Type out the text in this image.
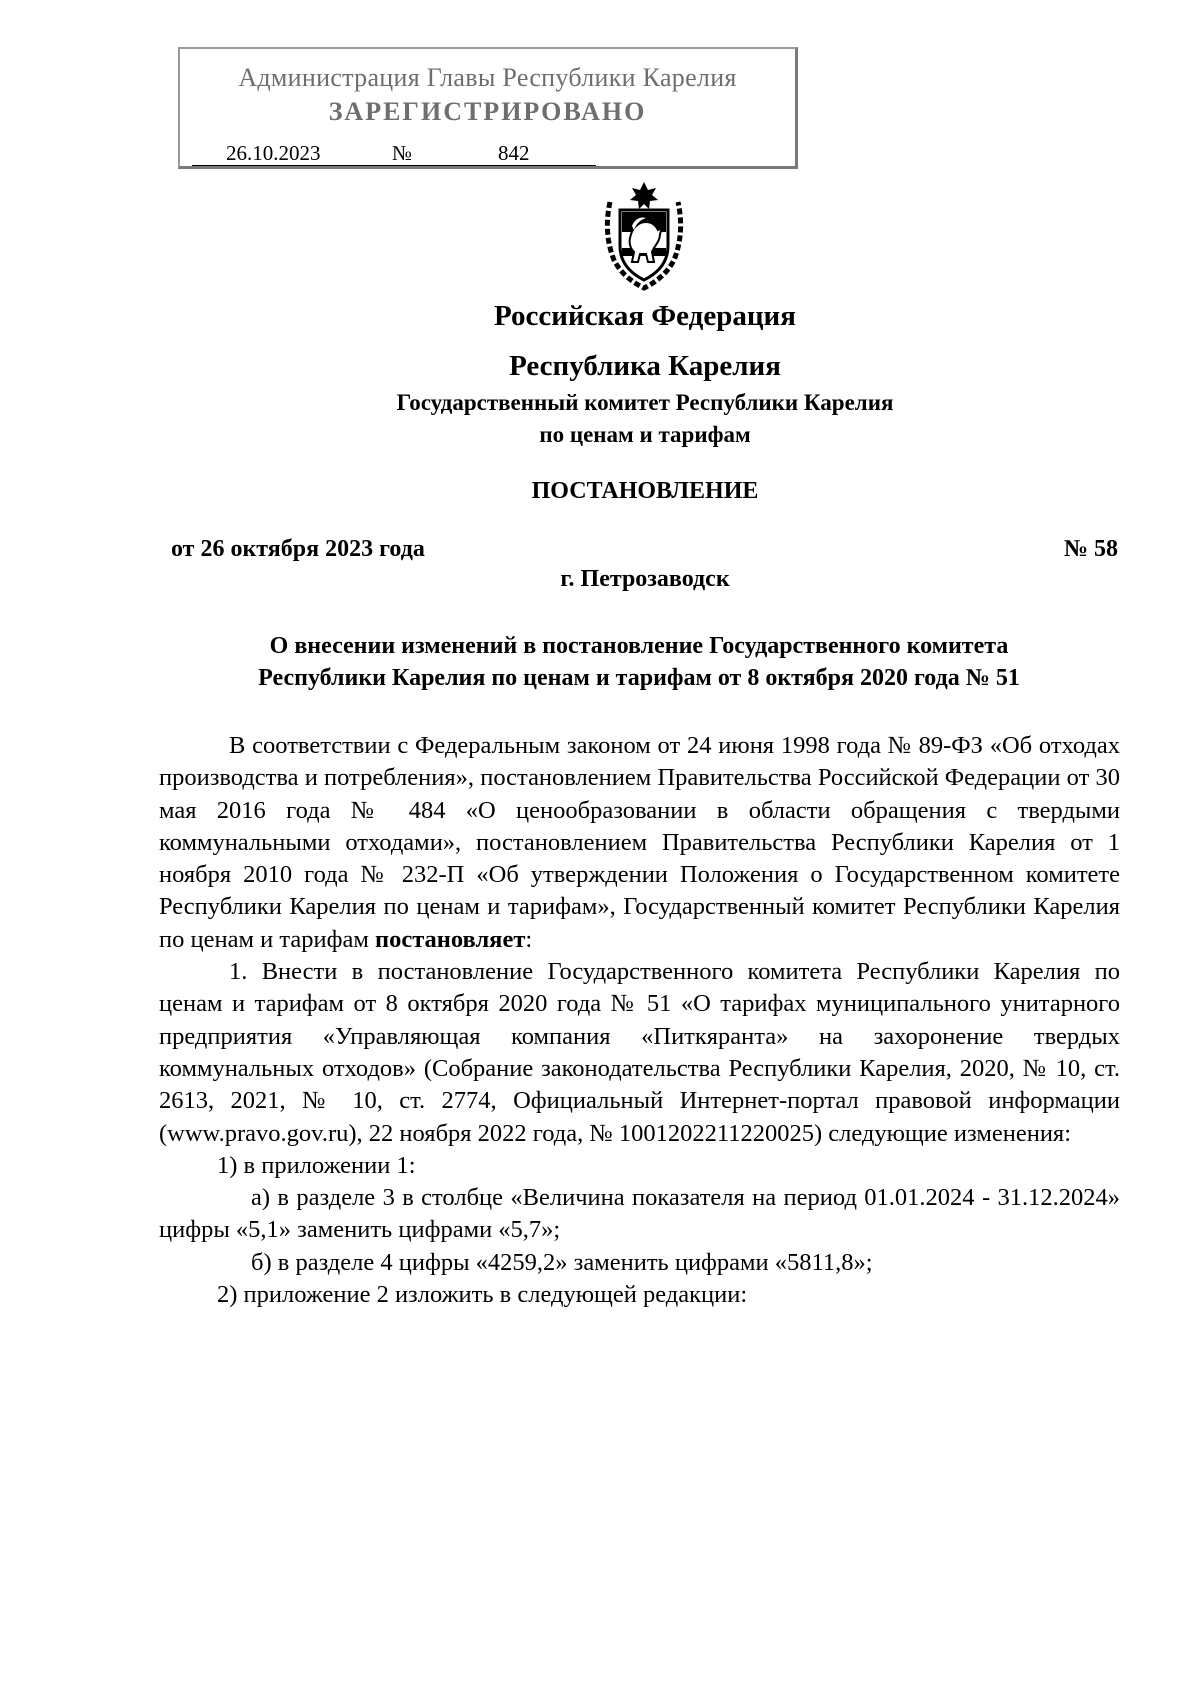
Администрация Главы Республики Карелия
ЗАРЕГИСТРИРОВАНО
26.10.2023	№	842
Российская Федерация
Республика Карелия
Государственный комитет Республики Карелия
по ценам и тарифам
ПОСТАНОВЛЕНИЕ
от 26 октября 2023 года	№ 58
г. Петрозаводск
О внесении изменений в постановление Государственного комитета
Республики Карелия по ценам и тарифам от 8 октября 2020 года № 51

В соответствии с Федеральным законом от 24 июня 1998 года № 89-ФЗ «Об отходах производства и потребления», постановлением Правительства Российской Федерации от 30 мая 2016 года № 484 «О ценообразовании в области обращения с твердыми коммунальными отходами», постановлением Правительства Республики Карелия от 1 ноября 2010 года № 232-П «Об утверждении Положения о Государственном комитете Республики Карелия по ценам и тарифам», Государственный комитет Республики Карелия по ценам и тарифам постановляет:

1. Внести в постановление Государственного комитета Республики Карелия по ценам и тарифам от 8 октября 2020 года № 51 «О тарифах муниципального унитарного предприятия «Управляющая компания «Питкяранта» на захоронение твердых коммунальных отходов» (Собрание законодательства Республики Карелия, 2020, № 10, ст. 2613, 2021, № 10, ст. 2774, Официальный Интернет-портал правовой информации (www.pravo.gov.ru), 22 ноября 2022 года, № 1001202211220025) следующие изменения:

1) в приложении 1:

а) в разделе 3 в столбце «Величина показателя на период 01.01.2024 - 31.12.2024» цифры «5,1» заменить цифрами «5,7»;

б) в разделе 4 цифры «4259,2» заменить цифрами «5811,8»;

2) приложение 2 изложить в следующей редакции:
